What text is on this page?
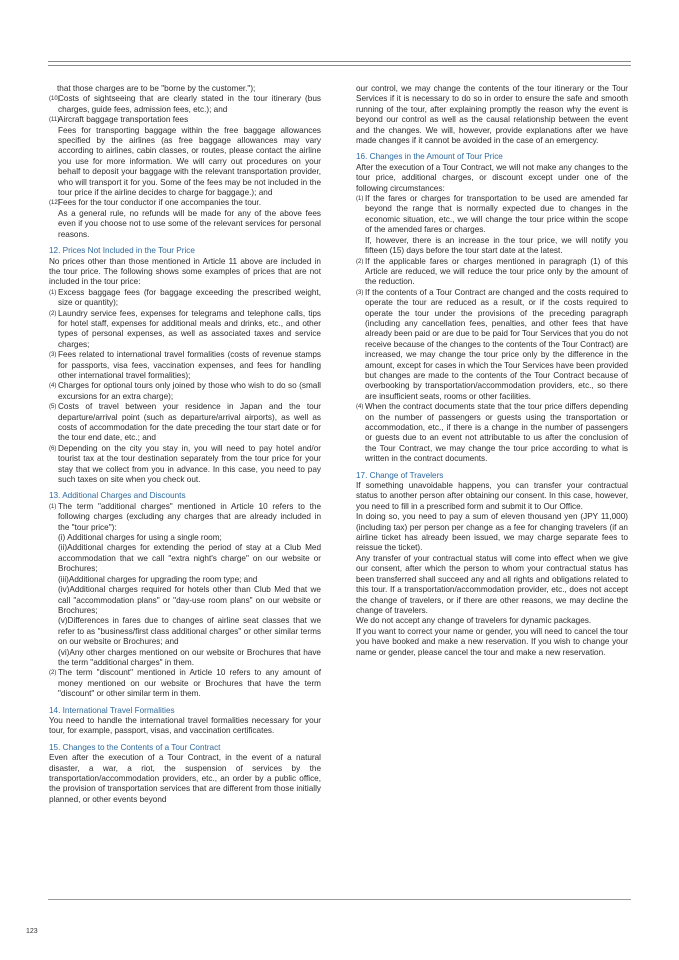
that those charges are to be "borne by the customer.");
(10)
Costs of sightseeing that are clearly stated in the tour itinerary (bus charges, guide fees, admission fees, etc.); and
(11)
Aircraft baggage transportation fees
Fees for transporting baggage within the free baggage allowances specified by the airlines (as free baggage allowances may vary according to airlines, cabin classes, or routes, please contact the airline you use for more information. We will carry out procedures on your behalf to deposit your baggage with the relevant transportation provider, who will transport it for you. Some of the fees may be not included in the tour price if the airline decides to charge for baggage.); and
(12)
Fees for the tour conductor if one accompanies the tour.
As a general rule, no refunds will be made for any of the above fees even if you choose not to use some of the relevant services for personal reasons.
12. Prices Not Included in the Tour Price
No prices other than those mentioned in Article 11 above are included in the tour price. The following shows some examples of prices that are not included in the tour price:
(1) Excess baggage fees (for baggage exceeding the prescribed weight, size or quantity);
(2) Laundry service fees, expenses for telegrams and telephone calls, tips for hotel staff, expenses for additional meals and drinks, etc., and other types of personal expenses, as well as associated taxes and service charges;
(3) Fees related to international travel formalities (costs of revenue stamps for passports, visa fees, vaccination expenses, and fees for handling other international travel formalities);
(4) Charges for optional tours only joined by those who wish to do so (small excursions for an extra charge);
(5) Costs of travel between your residence in Japan and the tour departure/arrival point (such as departure/arrival airports), as well as costs of accommodation for the date preceding the tour start date or for the tour end date, etc.; and
(6) Depending on the city you stay in, you will need to pay hotel and/or tourist tax at the tour destination separately from the tour price for your stay that we collect from you in advance. In this case, you need to pay such taxes on site when you check out.
13. Additional Charges and Discounts
(1) The term "additional charges" mentioned in Article 10 refers to the following charges (excluding any charges that are already included in the "tour price"):
(i) Additional charges for using a single room;
(ii)Additional charges for extending the period of stay at a Club Med accommodation that we call "extra night's charge" on our website or Brochures;
(iii)Additional charges for upgrading the room type; and
(iv)Additional charges required for hotels other than Club Med that we call "accommodation plans" or "day-use room plans" on our website or Brochures;
(v)Differences in fares due to changes of airline seat classes that we refer to as "business/first class additional charges" or other similar terms on our website or Brochures; and
(vi)Any other charges mentioned on our website or Brochures that have the term "additional charges" in them.
(2) The term "discount" mentioned in Article 10 refers to any amount of money mentioned on our website or Brochures that have the term "discount" or other similar term in them.
14. International Travel Formalities
You need to handle the international travel formalities necessary for your tour, for example, passport, visas, and vaccination certificates.
15. Changes to the Contents of a Tour Contract
Even after the execution of a Tour Contract, in the event of a natural disaster, a war, a riot, the suspension of services by the transportation/accommodation providers, etc., an order by a public office, the provision of transportation services that are different from those initially planned, or other events beyond
our control, we may change the contents of the tour itinerary or the Tour Services if it is necessary to do so in order to ensure the safe and smooth running of the tour, after explaining promptly the reason why the event is beyond our control as well as the causal relationship between the event and the changes. We will, however, provide explanations after we have made changes if it cannot be avoided in the case of an emergency.
16. Changes in the Amount of Tour Price
After the execution of a Tour Contract, we will not make any changes to the tour price, additional charges, or discount except under one of the following circumstances:
(1) If the fares or charges for transportation to be used are amended far beyond the range that is normally expected due to changes in the economic situation, etc., we will change the tour price within the scope of the amended fares or charges.
If, however, there is an increase in the tour price, we will notify you fifteen (15) days before the tour start date at the latest.
(2) If the applicable fares or charges mentioned in paragraph (1) of this Article are reduced, we will reduce the tour price only by the amount of the reduction.
(3) If the contents of a Tour Contract are changed and the costs required to operate the tour are reduced as a result, or if the costs required to operate the tour under the provisions of the preceding paragraph (including any cancellation fees, penalties, and other fees that have already been paid or are due to be paid for Tour Services that you do not receive because of the changes to the contents of the Tour Contract) are increased, we may change the tour price only by the difference in the amount, except for cases in which the Tour Services have been provided but changes are made to the contents of the Tour Contract because of overbooking by transportation/accommodation providers, etc., so there are insufficient seats, rooms or other facilities.
(4) When the contract documents state that the tour price differs depending on the number of passengers or guests using the transportation or accommodation, etc., if there is a change in the number of passengers or guests due to an event not attributable to us after the conclusion of the Tour Contract, we may change the tour price according to what is written in the contract documents.
17. Change of Travelers
If something unavoidable happens, you can transfer your contractual status to another person after obtaining our consent. In this case, however, you need to fill in a prescribed form and submit it to Our Office.
In doing so, you need to pay a sum of eleven thousand yen (JPY 11,000) (including tax) per person per change as a fee for changing travelers (if an airline ticket has already been issued, we may charge separate fees to reissue the ticket).
Any transfer of your contractual status will come into effect when we give our consent, after which the person to whom your contractual status has been transferred shall succeed any and all rights and obligations related to this tour. If a transportation/accommodation provider, etc., does not accept the change of travelers, or if there are other reasons, we may decline the change of travelers.
We do not accept any change of travelers for dynamic packages.
If you want to correct your name or gender, you will need to cancel the tour you have booked and make a new reservation. If you wish to change your name or gender, please cancel the tour and make a new reservation.
123
